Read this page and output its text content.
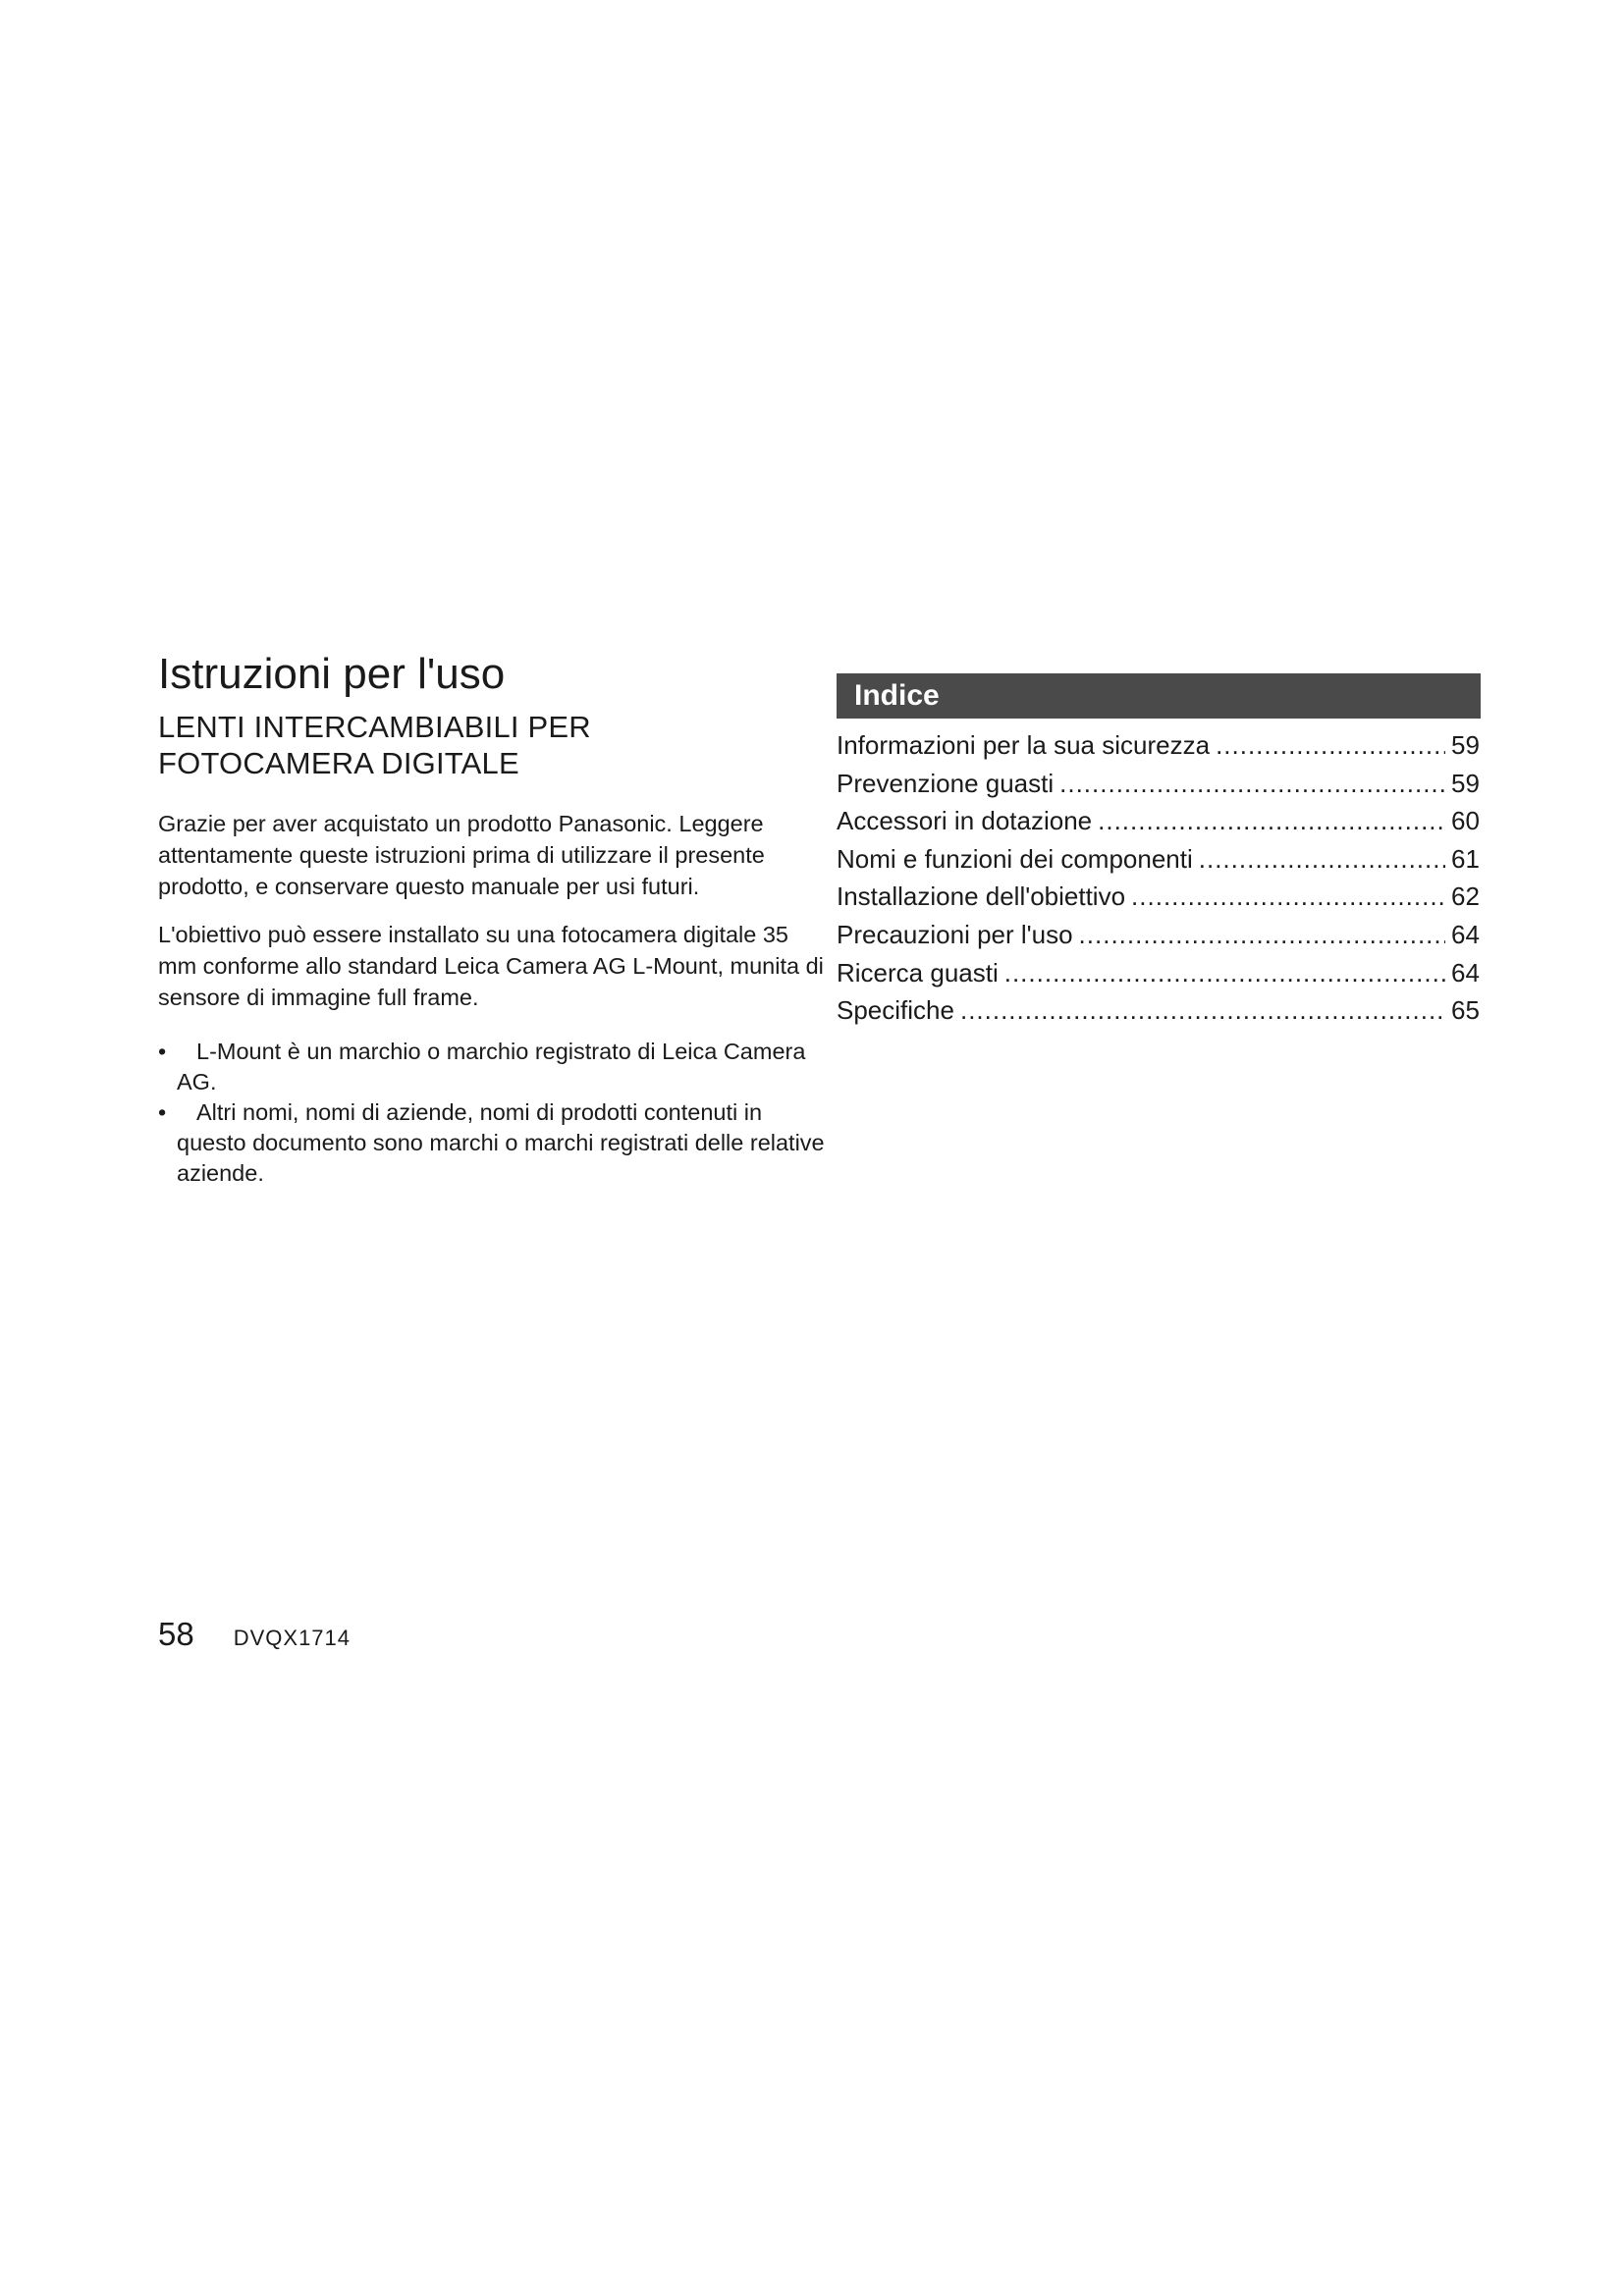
Istruzioni per l'uso
LENTI INTERCAMBIABILI PER
FOTOCAMERA DIGITALE

Grazie per aver acquistato un prodotto Panasonic. Leggere attentamente queste istruzioni prima di utilizzare il presente prodotto, e conservare questo manuale per usi futuri.

L'obiettivo può essere installato su una fotocamera digitale 35 mm conforme allo standard Leica Camera AG L-Mount, munita di sensore di immagine full frame.

• L-Mount è un marchio o marchio registrato di Leica Camera AG.
• Altri nomi, nomi di aziende, nomi di prodotti contenuti in questo documento sono marchi o marchi registrati delle relative aziende.
Indice
Informazioni per la sua sicurezza .....	59
Prevenzione guasti .....	59
Accessori in dotazione .....	60
Nomi e funzioni dei componenti .....	61
Installazione dell'obiettivo .....	62
Precauzioni per l'uso .....	64
Ricerca guasti .....	64
Specifiche .....	65
58 DVQX1714
